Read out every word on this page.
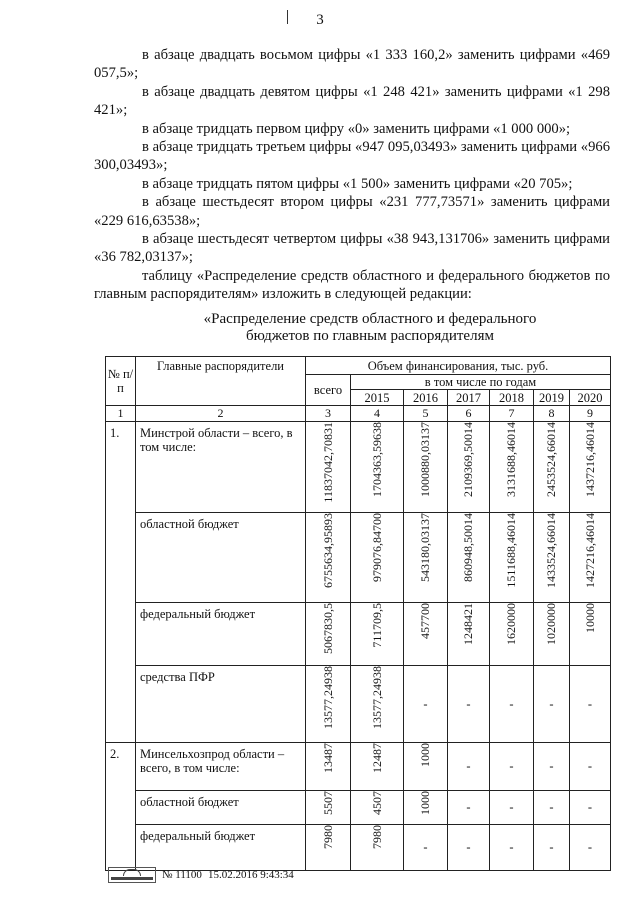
3

в абзаце двадцать восьмом цифры «1 333 160,2» заменить цифрами «469 057,5»;

в абзаце двадцать девятом цифры «1 248 421» заменить цифрами «1 298 421»;

в абзаце тридцать первом цифру «0» заменить цифрами «1 000 000»;

в абзаце тридцать третьем цифры «947 095,03493» заменить цифрами «966 300,03493»;

в абзаце тридцать пятом цифры «1 500» заменить цифрами «20 705»;

в абзаце шестьдесят втором цифры «231 777,73571» заменить цифрами «229 616,63538»;

в абзаце шестьдесят четвертом цифры «38 943,131706» заменить цифрами «36 782,03137»;

таблицу «Распределение средств областного и федерального бюджетов по главным распорядителям» изложить в следующей редакции:

«Распределение средств областного и федерального
бюджетов по главным распорядителям
№ п/п	Главные распорядители	Объем финансирования, тыс. руб.						
		всего	в том числе по годам					
			2015	2016	2017	2018	2019	2020
1	2	3	4	5	6	7	8	9
1.	Минстрой области – всего, в том числе:	11837042,70831	1704363,59638	1000880,03137	2109369,50014	3131688,46014	2453524,66014	1437216,46014
	областной бюджет	6755634,95893	979076,84700	543180,03137	860948,50014	1511688,46014	1433524,66014	1427216,46014
	федеральный бюджет	5067830,5	711709,5	457700	1248421	1620000	1020000	10000
	средства ПФР	13577,24938	13577,24938	-	-	-	-	-
2.	Минсельхозпрод области – всего, в том числе:	13487	12487	1000	-	-	-	-
	областной бюджет	5507	4507	1000	-	-	-	-
	федеральный бюджет	7980	7980	-	-	-	-	-
№ 11100 15.02.2016 9:43:34
